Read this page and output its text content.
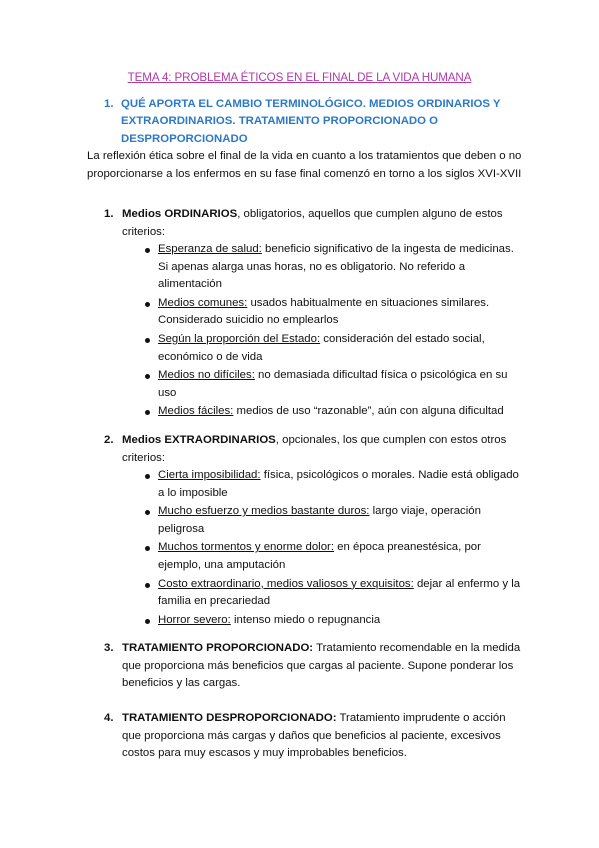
TEMA 4: PROBLEMA ÉTICOS EN EL FINAL DE LA VIDA HUMANA
1. QUÉ APORTA EL CAMBIO TERMINOLÓGICO. MEDIOS ORDINARIOS Y EXTRAORDINARIOS. TRATAMIENTO PROPORCIONADO O DESPROPORCIONADO
La reflexión ética sobre el final de la vida en cuanto a los tratamientos que deben o no proporcionarse a los enfermos en su fase final comenzó en torno a los siglos XVI-XVII
1. Medios ORDINARIOS, obligatorios, aquellos que cumplen alguno de estos criterios:
Esperanza de salud: beneficio significativo de la ingesta de medicinas. Si apenas alarga unas horas, no es obligatorio. No referido a alimentación
Medios comunes: usados habitualmente en situaciones similares. Considerado suicidio no emplearlos
Según la proporción del Estado: consideración del estado social, económico o de vida
Medios no difíciles: no demasiada dificultad física o psicológica en su uso
Medios fáciles: medios de uso “razonable”, aún con alguna dificultad
2. Medios EXTRAORDINARIOS, opcionales, los que cumplen con estos otros criterios:
Cierta imposibilidad: física, psicológicos o morales. Nadie está obligado a lo imposible
Mucho esfuerzo y medios bastante duros: largo viaje, operación peligrosa
Muchos tormentos y enorme dolor: en época preanestésica, por ejemplo, una amputación
Costo extraordinario, medios valiosos y exquisitos: dejar al enfermo y la familia en precariedad
Horror severo: intenso miedo o repugnancia
3. TRATAMIENTO PROPORCIONADO: Tratamiento recomendable en la medida que proporciona más beneficios que cargas al paciente. Supone ponderar los beneficios y las cargas.
4. TRATAMIENTO DESPROPORCIONADO: Tratamiento imprudente o acción que proporciona más cargas y daños que beneficios al paciente, excesivos costos para muy escasos y muy improbables beneficios.
